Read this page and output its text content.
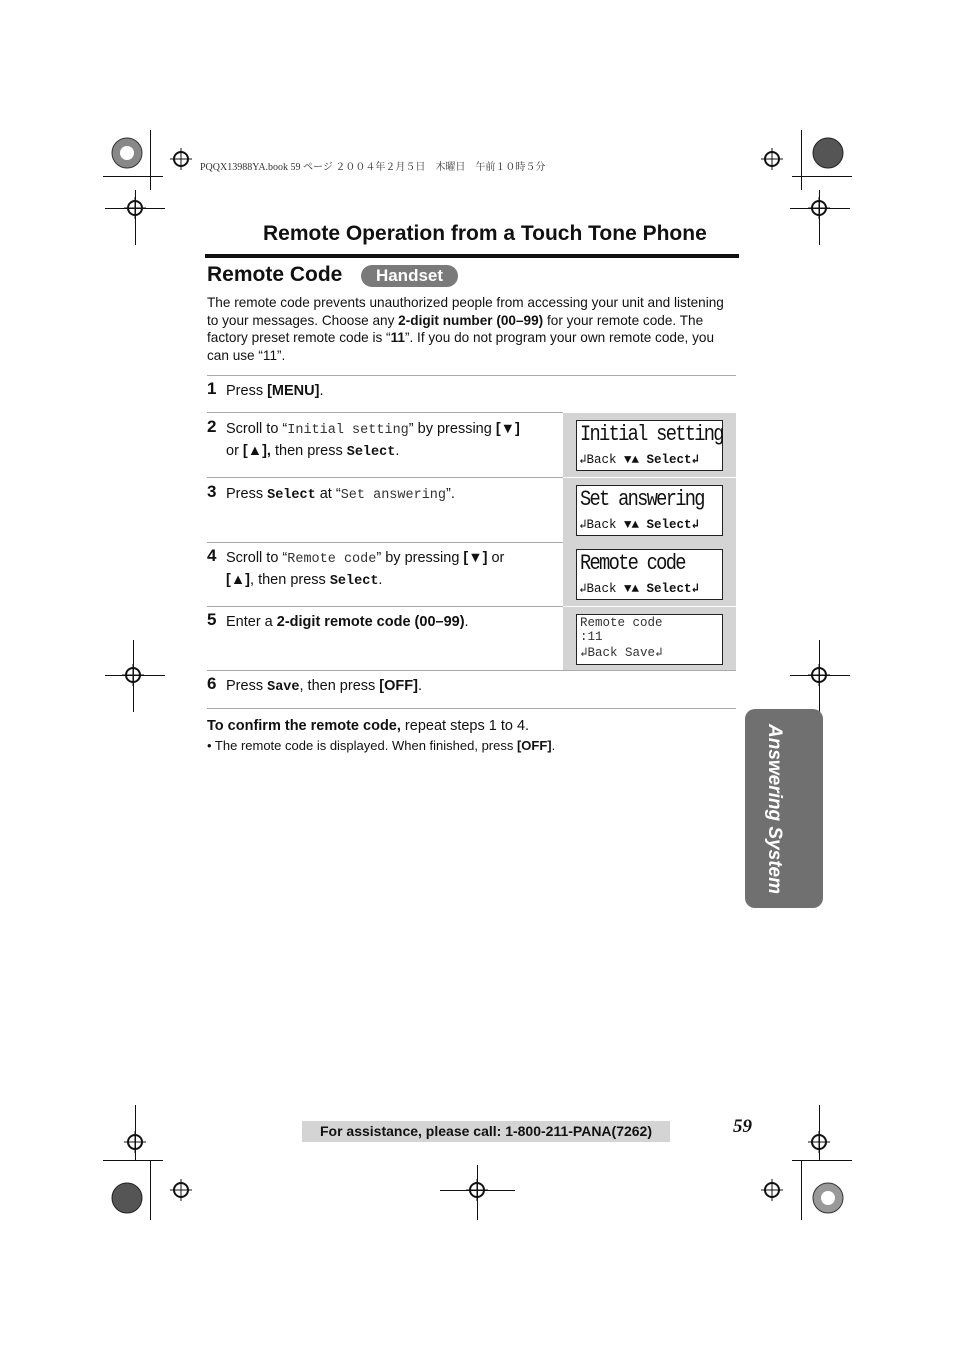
PQQX13988YA.book 59 ページ ２００４年２月５日　木曜日　午前１０時５分
Remote Operation from a Touch Tone Phone
Remote Code	Handset
The remote code prevents unauthorized people from accessing your unit and listening to your messages. Choose any 2-digit number (00–99) for your remote code. The factory preset remote code is “11”. If you do not program your own remote code, you can use “11”.
1 Press [MENU].
Initial setting
↲Back ▼▲ Select↲
2 Scroll to “Initial setting” by pressing [▼]
or [▲], then press Select.
Set answering
↲Back ▼▲ Select↲
3 Press Select at “Set answering”.
Remote code
↲Back ▼▲ Select↲
4 Scroll to “Remote code” by pressing [▼] or
[▲], then press Select.
Remote code
:11
↲Back Save↲
5 Enter a 2-digit remote code (00–99).
6 Press Save, then press [OFF].
To confirm the remote code, repeat steps 1 to 4.
• The remote code is displayed. When finished, press [OFF].	Answering System
For assistance, please call: 1-800-211-PANA(7262)	59
